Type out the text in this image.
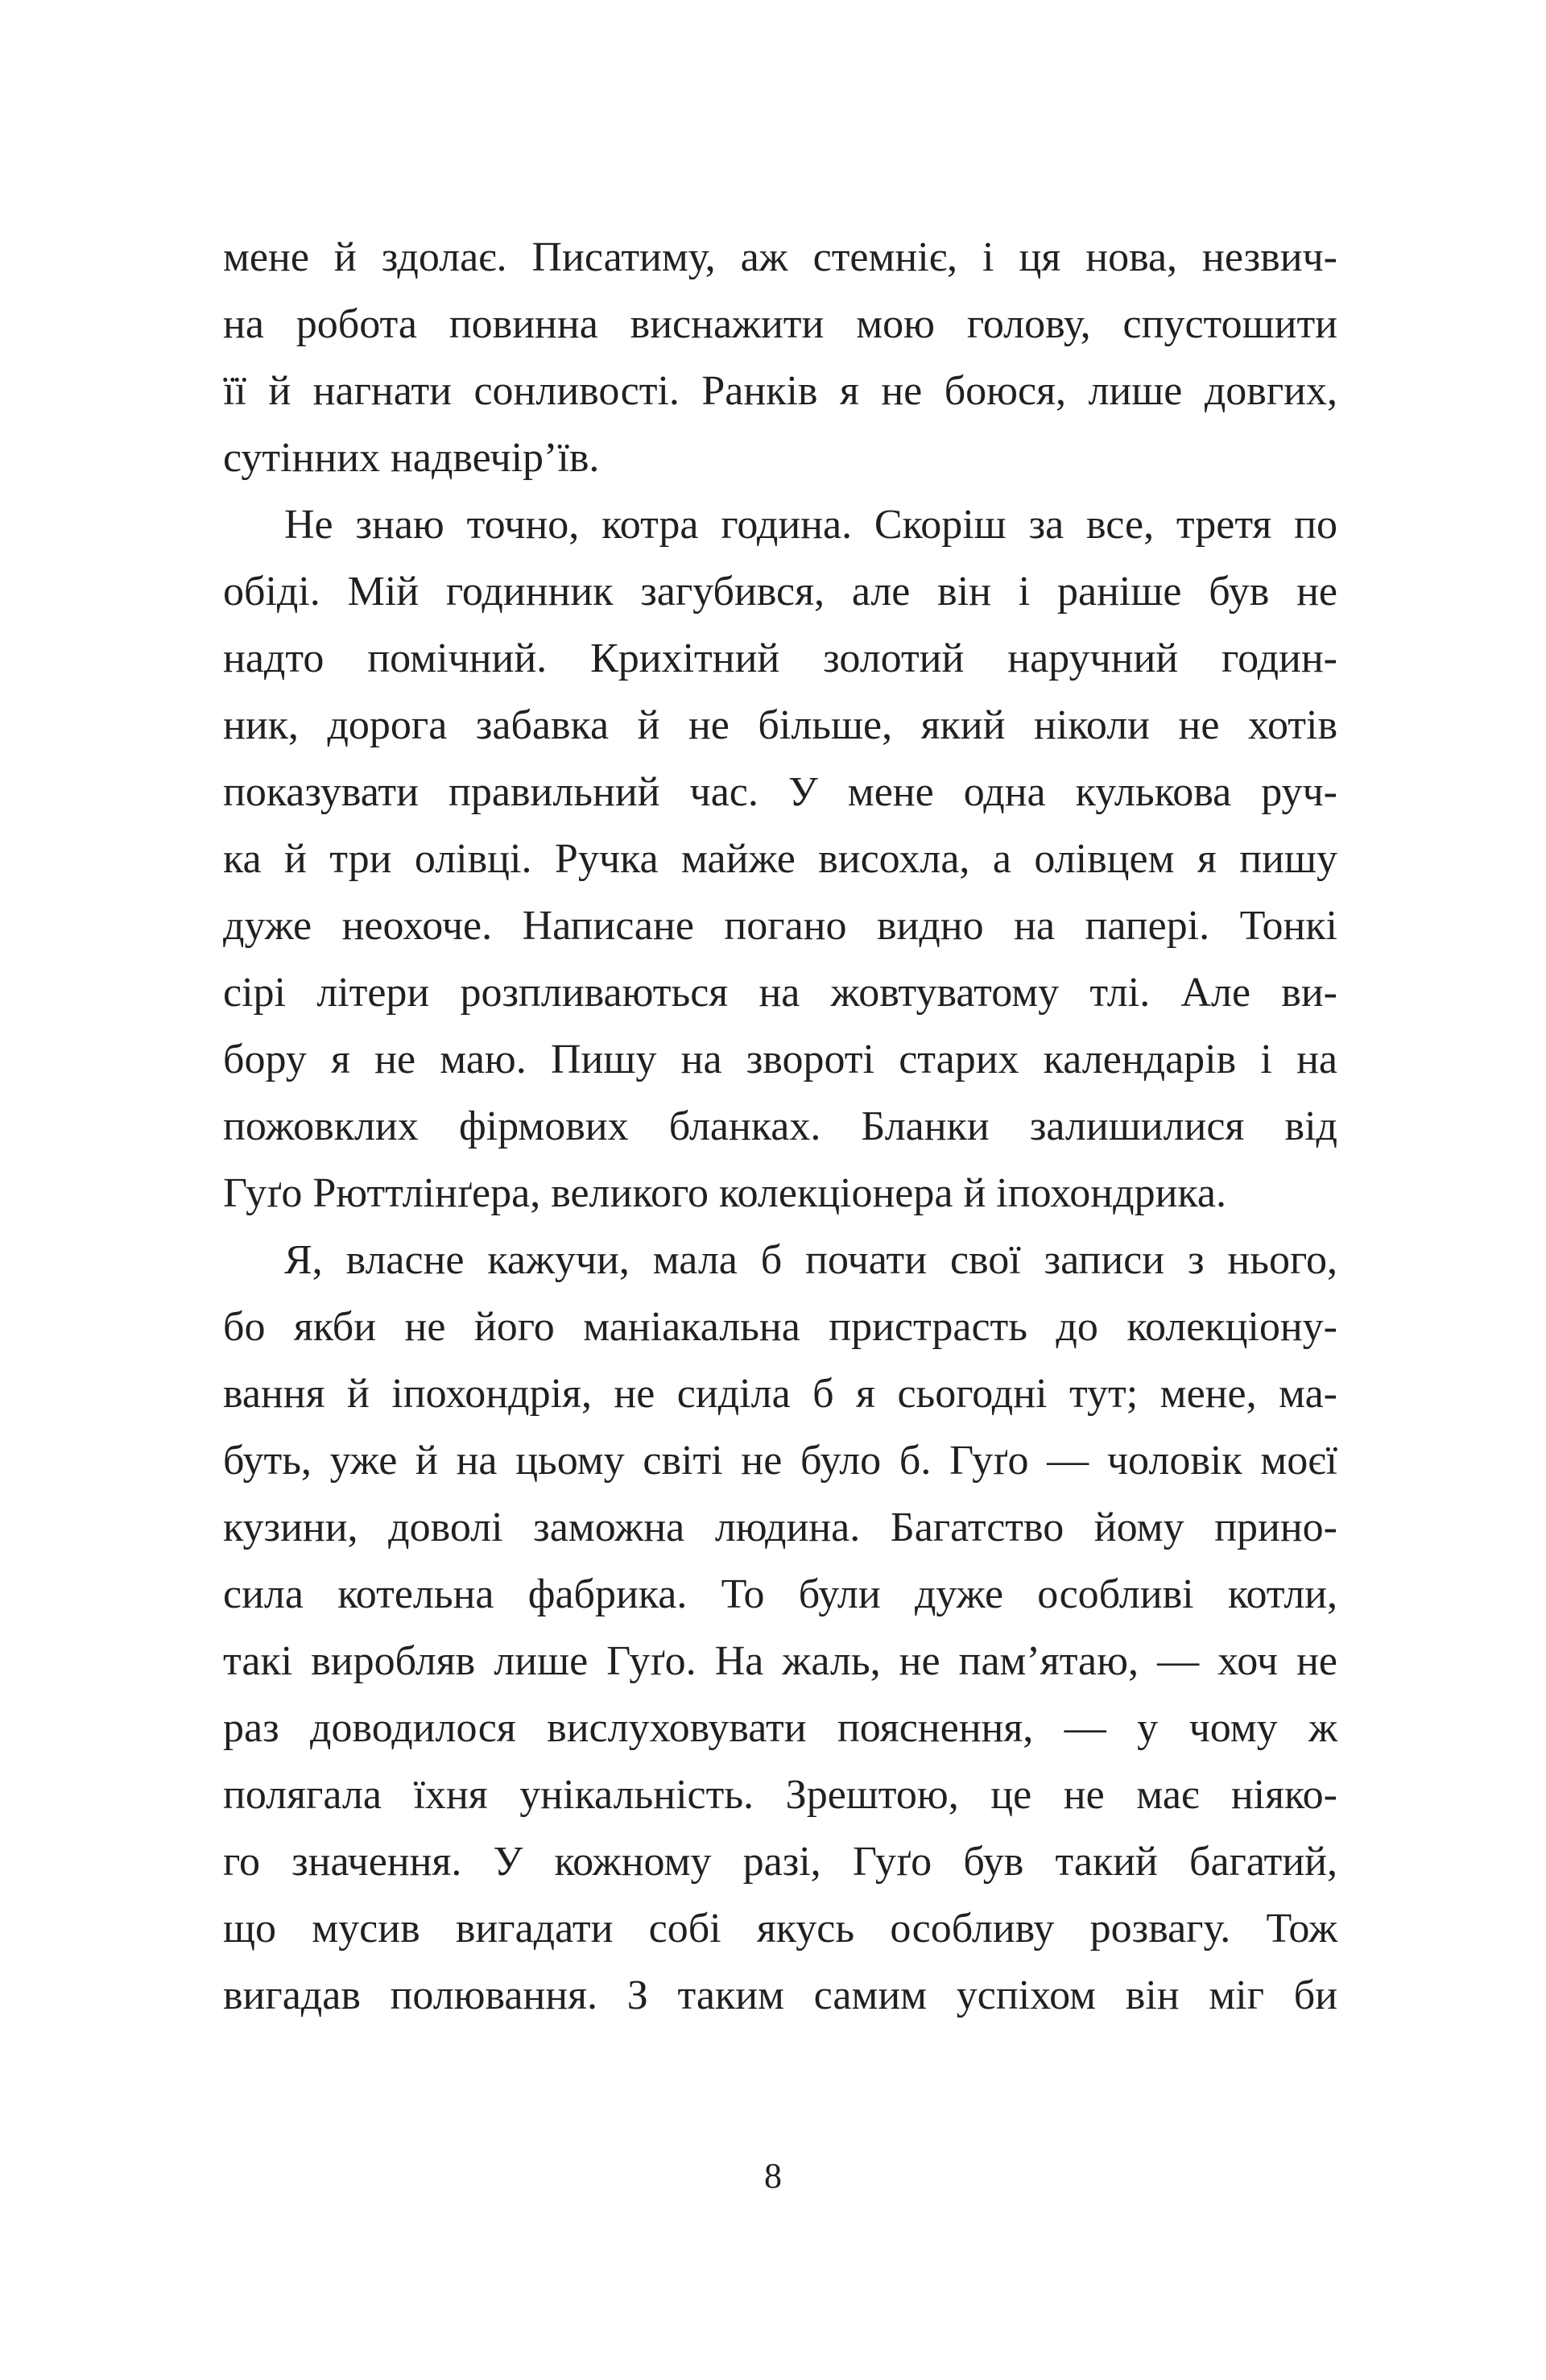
мене й здолає. Писатиму, аж стемніє, і ця нова, незвич-
на робота повинна виснажити мою голову, спустошити
її й нагнати сонливості. Ранків я не боюся, лише довгих,
сутінних надвечір’їв.
Не знаю точно, котра година. Скоріш за все, третя по
обіді. Мій годинник загубився, але він і раніше був не
надто помічний. Крихітний золотий наручний годин-
ник, дорога забавка й не більше, який ніколи не хотів
показувати правильний час. У мене одна кулькова руч-
ка й три олівці. Ручка майже висохла, а олівцем я пишу
дуже неохоче. Написане погано видно на папері. Тонкі
сірі літери розпливаються на жовтуватому тлі. Але ви-
бору я не маю. Пишу на звороті старих календарів і на
пожовклих фірмових бланках. Бланки залишилися від
Гуґо Рюттлінґера, великого колекціонера й іпохондрика.
Я, власне кажучи, мала б почати свої записи з нього,
бо якби не його маніакальна пристрасть до колекціону-
вання й іпохондрія, не сиділа б я сьогодні тут; мене, ма-
буть, уже й на цьому світі не було б. Гуґо — чоловік моєї
кузини, доволі заможна людина. Багатство йому прино-
сила котельна фабрика. То були дуже особливі котли,
такі виробляв лише Гуґо. На жаль, не пам’ятаю, — хоч не
раз доводилося вислуховувати пояснення, — у чому ж
полягала їхня унікальність. Зрештою, це не має ніяко-
го значення. У кожному разі, Гуґо був такий багатий,
що мусив вигадати собі якусь особливу розвагу. Тож
вигадав полювання. З таким самим успіхом він міг би
8
